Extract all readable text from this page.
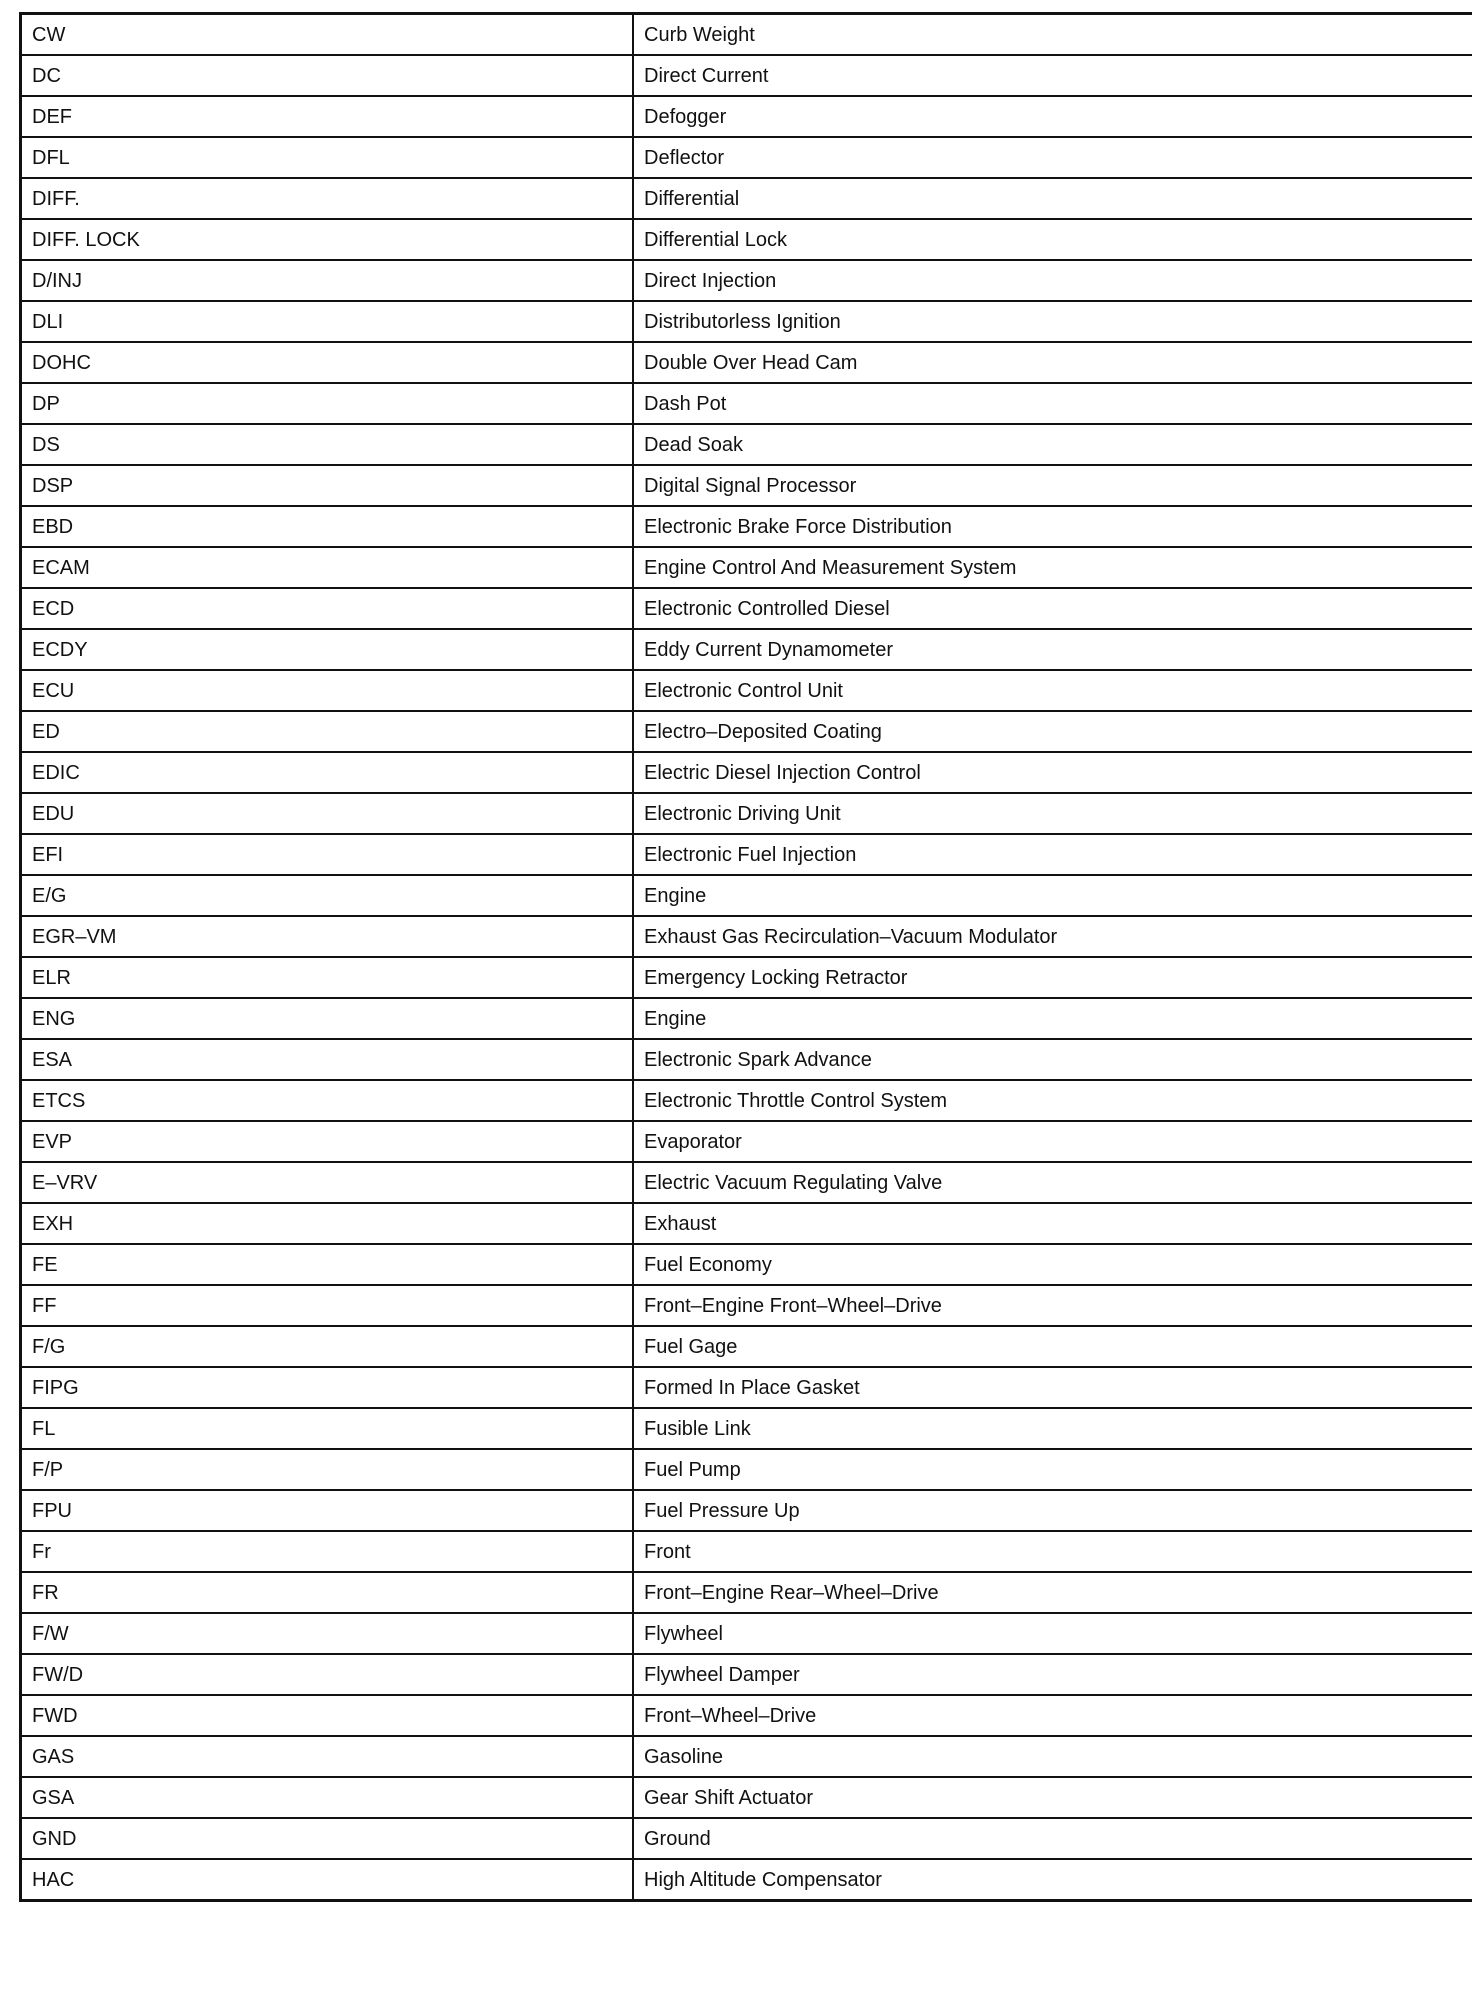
CW	Curb Weight
DC	Direct Current
DEF	Defogger
DFL	Deflector
DIFF.	Differential
DIFF. LOCK	Differential Lock
D/INJ	Direct Injection
DLI	Distributorless Ignition
DOHC	Double Over Head Cam
DP	Dash Pot
DS	Dead Soak
DSP	Digital Signal Processor
EBD	Electronic Brake Force Distribution
ECAM	Engine Control And Measurement System
ECD	Electronic Controlled Diesel
ECDY	Eddy Current Dynamometer
ECU	Electronic Control Unit
ED	Electro–Deposited Coating
EDIC	Electric Diesel Injection Control
EDU	Electronic Driving Unit
EFI	Electronic Fuel Injection
E/G	Engine
EGR–VM	Exhaust Gas Recirculation–Vacuum Modulator
ELR	Emergency Locking Retractor
ENG	Engine
ESA	Electronic Spark Advance
ETCS	Electronic Throttle Control System
EVP	Evaporator
E–VRV	Electric Vacuum Regulating Valve
EXH	Exhaust
FE	Fuel Economy
FF	Front–Engine Front–Wheel–Drive
F/G	Fuel Gage
FIPG	Formed In Place Gasket
FL	Fusible Link
F/P	Fuel Pump
FPU	Fuel Pressure Up
Fr	Front
FR	Front–Engine Rear–Wheel–Drive
F/W	Flywheel
FW/D	Flywheel Damper
FWD	Front–Wheel–Drive
GAS	Gasoline
GSA	Gear Shift Actuator
GND	Ground
HAC	High Altitude Compensator
